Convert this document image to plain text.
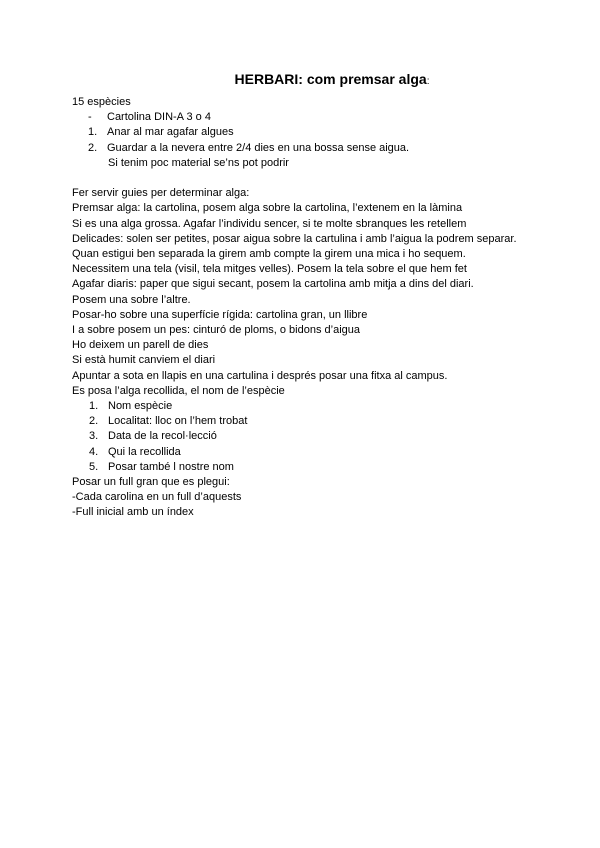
HERBARI: com premsar alga:
15 espècies
-	Cartolina DIN-A 3 o 4
1. Anar al mar agafar algues
2. Guardar a la nevera entre 2/4 dies en una bossa sense aigua.
Si tenim poc material se’ns pot podrir
Fer servir guies per determinar alga:
Premsar alga: la cartolina, posem alga sobre la cartolina, l’extenem en la làmina
Si es una alga grossa. Agafar l’individu sencer, si te molte sbranques les retellem
Delicades: solen ser petites, posar aigua sobre la cartulina i amb l’aigua la podrem separar.
Quan estigui ben separada la girem amb compte la girem una mica i ho sequem.
Necessitem una tela (visil, tela mitges velles). Posem la tela sobre el que hem fet
Agafar diaris: paper que sigui secant, posem la cartolina amb mitja a dins del diari.
Posem una sobre l’altre.
Posar-ho sobre una superfície rígida: cartolina gran, un llibre
I a sobre posem un pes: cinturó de ploms, o bidons d’aigua
Ho deixem un parell de dies
Si està humit canviem el diari
Apuntar a sota en llapis en una cartulina i després posar una fitxa al campus.
Es posa l’alga recollida, el nom de l’espècie
1. Nom espècie
2. Localitat: lloc on l’hem trobat
3. Data de la recol·lecció
4. Qui la recollida
5. Posar també l nostre nom
Posar un full gran que es plegui:
-Cada carolina en un full d’aquests
-Full inicial amb un índex
